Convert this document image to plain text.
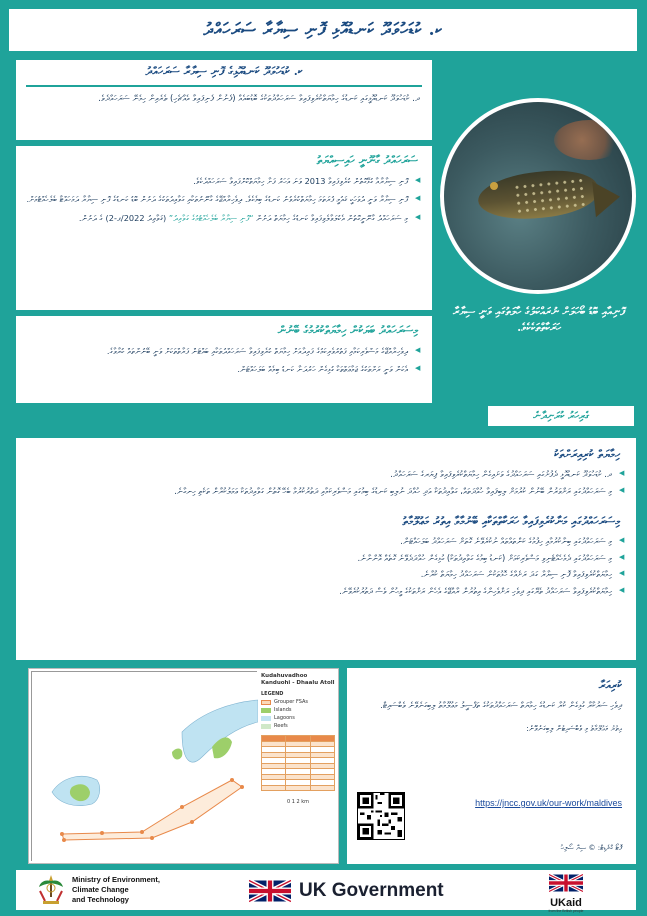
ކ. ކުޑަހުވަދޫ ކަނޑުއޮޅި ފޮނި ސިޔާރާ ސަރަހައްދު
ކ. ކުޑަހުވަދޫ ކަނޑުއޮޅިގެ ފޮނި ސިޔާރާ ސަރަހައްދު
ދ. ކުޑަހުވަދޫ ކަނޑުއޮޅީގައި ކަނޑުގެ ހިމާޔަތްކުރެވިފައިވާ ސަރަހައްދުތަކުގެ ބޮޑުބައެއް (ފެނުން ފެނިފައިވާ އެއްޗެހި) ތެރެއިން ހިމެނޭ ސަރަހައްދެވެ.
ސަރަހައްދު ގާނޫނީ ހައިސިއްޔަތު
▶ ފޮނި ސިޔާރާއާ ގުޅޭގޮތުން ކުރެވިފައިވާ 2013 ވަނަ އަހަރު ފަށާ ހިމާޔަތްކޮށްފައިވާ ސަރަހައްދެކެވެ.
▶ ފޮނި ސިޔާރާ ވަނީ ދުވަހަކީ ޤައުމީ ފުރަތަމަ ހިމާޔަތްކުރެވުނު ކަނޑުގެ ބިމެކެވެ. ދިވެހިރާއްޖޭގެ ގާނޫނުތަކާއި ގަވާއިދުތަކުގެ ދަށުން ބޮޑު ކަނޑުގެ ފޮނި ސިޔާރާ ދަމަހައްޓާ ބެލެހެއްޓުމަށް.
▶ މި ސަރަހައްދު ގާނޫނީގޮތުން އެކުލަވާލެވިފައިވާ ކަނޑުގެ ހިމާޔަތް ދަށުން “ފޮނި ސިޔާރާ ބެލެހެއްޓުމުގެ ގަވާއިދު” (ޤަވާޢިދު 2022/ޕ-2) ގެ ދަށުން.
މިސަރަހައްދު ބަޔަކުން ހިމާޔަތްކުރުމުގެ ބޭނުން
▶ ދިވެހިރާއްޖޭގެ މަސްވެރިކަމާއި ފަތުރުވެރިކަމުގެ ފައިދާއަށް ހިމާޔަތް ކުރެވިފައިވާ ސަރަހައްދުތަކާއި ބައްޓަން ފަރާތްތަކަށް ވަނީ ބޭނުންތައް ކުރާވާގެ.
▶ އެކަން ވަނީ ރަށްތަކުގެ ޖަމާޢަތްތަކާ ގުޅިގެން ހަރުދަނާ ކަނޑު ބިމެއް ބަލަހައްޓަން.
ފޮނިއާއި ބޮޑު ބޯހަލަށް ނުރައްކަލުގެ ހާލަތުގައި ވަނީ ސިޔާރާ ހަރަކާތްތަކެކެވެ.
ގެރިހަރު ކުރަނިދާނެ
ހިމާޔަތް ކުރިއިރަށްތަކު
▶ ދ. ކުޑަހުވަދޫ ކަނޑުއޮޅީ ދެފުށުގައި ސަރަހައްދުގެ ވަށައިގެން ހިމާޔަތްކުރެވިފައިވާ ޕިޔަރގެ ސަރަހައްދު.
▶ މި ސަރަހައްދުގައި ރަށްވަރުން ބޭނުން ކުރުމަށް ލިބިފައިވާ ހުއްދަތައް، ގަވާއިދުތަކާ އަދި ހުއްދަ ނުލިބި ކަނޑުގެ ބިމުގައި މަސްވެރިކަމާއި ދަތުރުކުރުމާ ބެހޭ ގޮތުން ގަވާއިދުތަކާ ޢަމަލުކުރާން ތަކެތި ހިނގާނެ.
މިސަރަހައްދުގައި މަނާކުރެވިފައިވާ ހަރަކާތްތަކާއި ބޭނުމާވާ އިތުރު މަޢުލޫމާތު
▶ މި ސަރަހައްދުގައި ބިނާކުރުމާއި ހިފުމުގެ ކަންތައްތައް ނުކުރެވޭނެ ގޮތަށް ސަރަހައްދު ބަލަހައްޓަން.
▶ މި ސަރަހައްދުގައި ދެމެހެއްޓެނިވި މަސްވެރިކަމަށް (ކަނޑު ބިމުގެ ގަވާއިދުތަކާ) ގުޅިގެން ހުއްދަދެވޭނެ ގޮތެއް އޮންނާނެ.
▶ ހިމާޔަތްކުރެވިފައިވާ ފޮނި ސިޔާރާ ގަދަ ރަށެއްގެ ހޮޅުތަކުން ސަރަހައްދު ހިމާޔަތް ކުރާނެ.
▶ ހިމާޔަތްކުރެވިފައިވާ ސަރަހައްދު ތެރޭގައި ދިވެހި ރަށްވެހިންގެ އިތުރުން ރާއްޖޭގެ އެހެން ރަށްތަކުގެ މީހުން ވެސް ދަތުރުކުރެވޭނެ.
Kudahuvadhoo Kanduohi - Dhaalu Atoll
LEGEND
Grouper FSAs
Islands
Lagoons
Reefs

0 1 2 km
ކުރިއަރާ
ދިވެހި ސަރުކާރާ ގުޅިގެން ކުރާ ކަނޑުގެ ހިމާޔަތް ސަރަހައްދުތަކުގެ ތަފްޞީލު މަޢުލޫމާތު ލިބިގަނެވޭނެ ވެބްސައިޓް.
އިތުރު މަޢުލޫމާތު މި ވެބްސައިޓުން ލިބިގަނެވޭނެ:
https://jncc.gov.uk/our-work/maldives
ފޮޓޯ ކްރެޑިޓް: © ސިޔާ ސޯލިޙު
Ministry of Environment,
Climate Change
and Technology	UK Government
UKaid
from the British people
